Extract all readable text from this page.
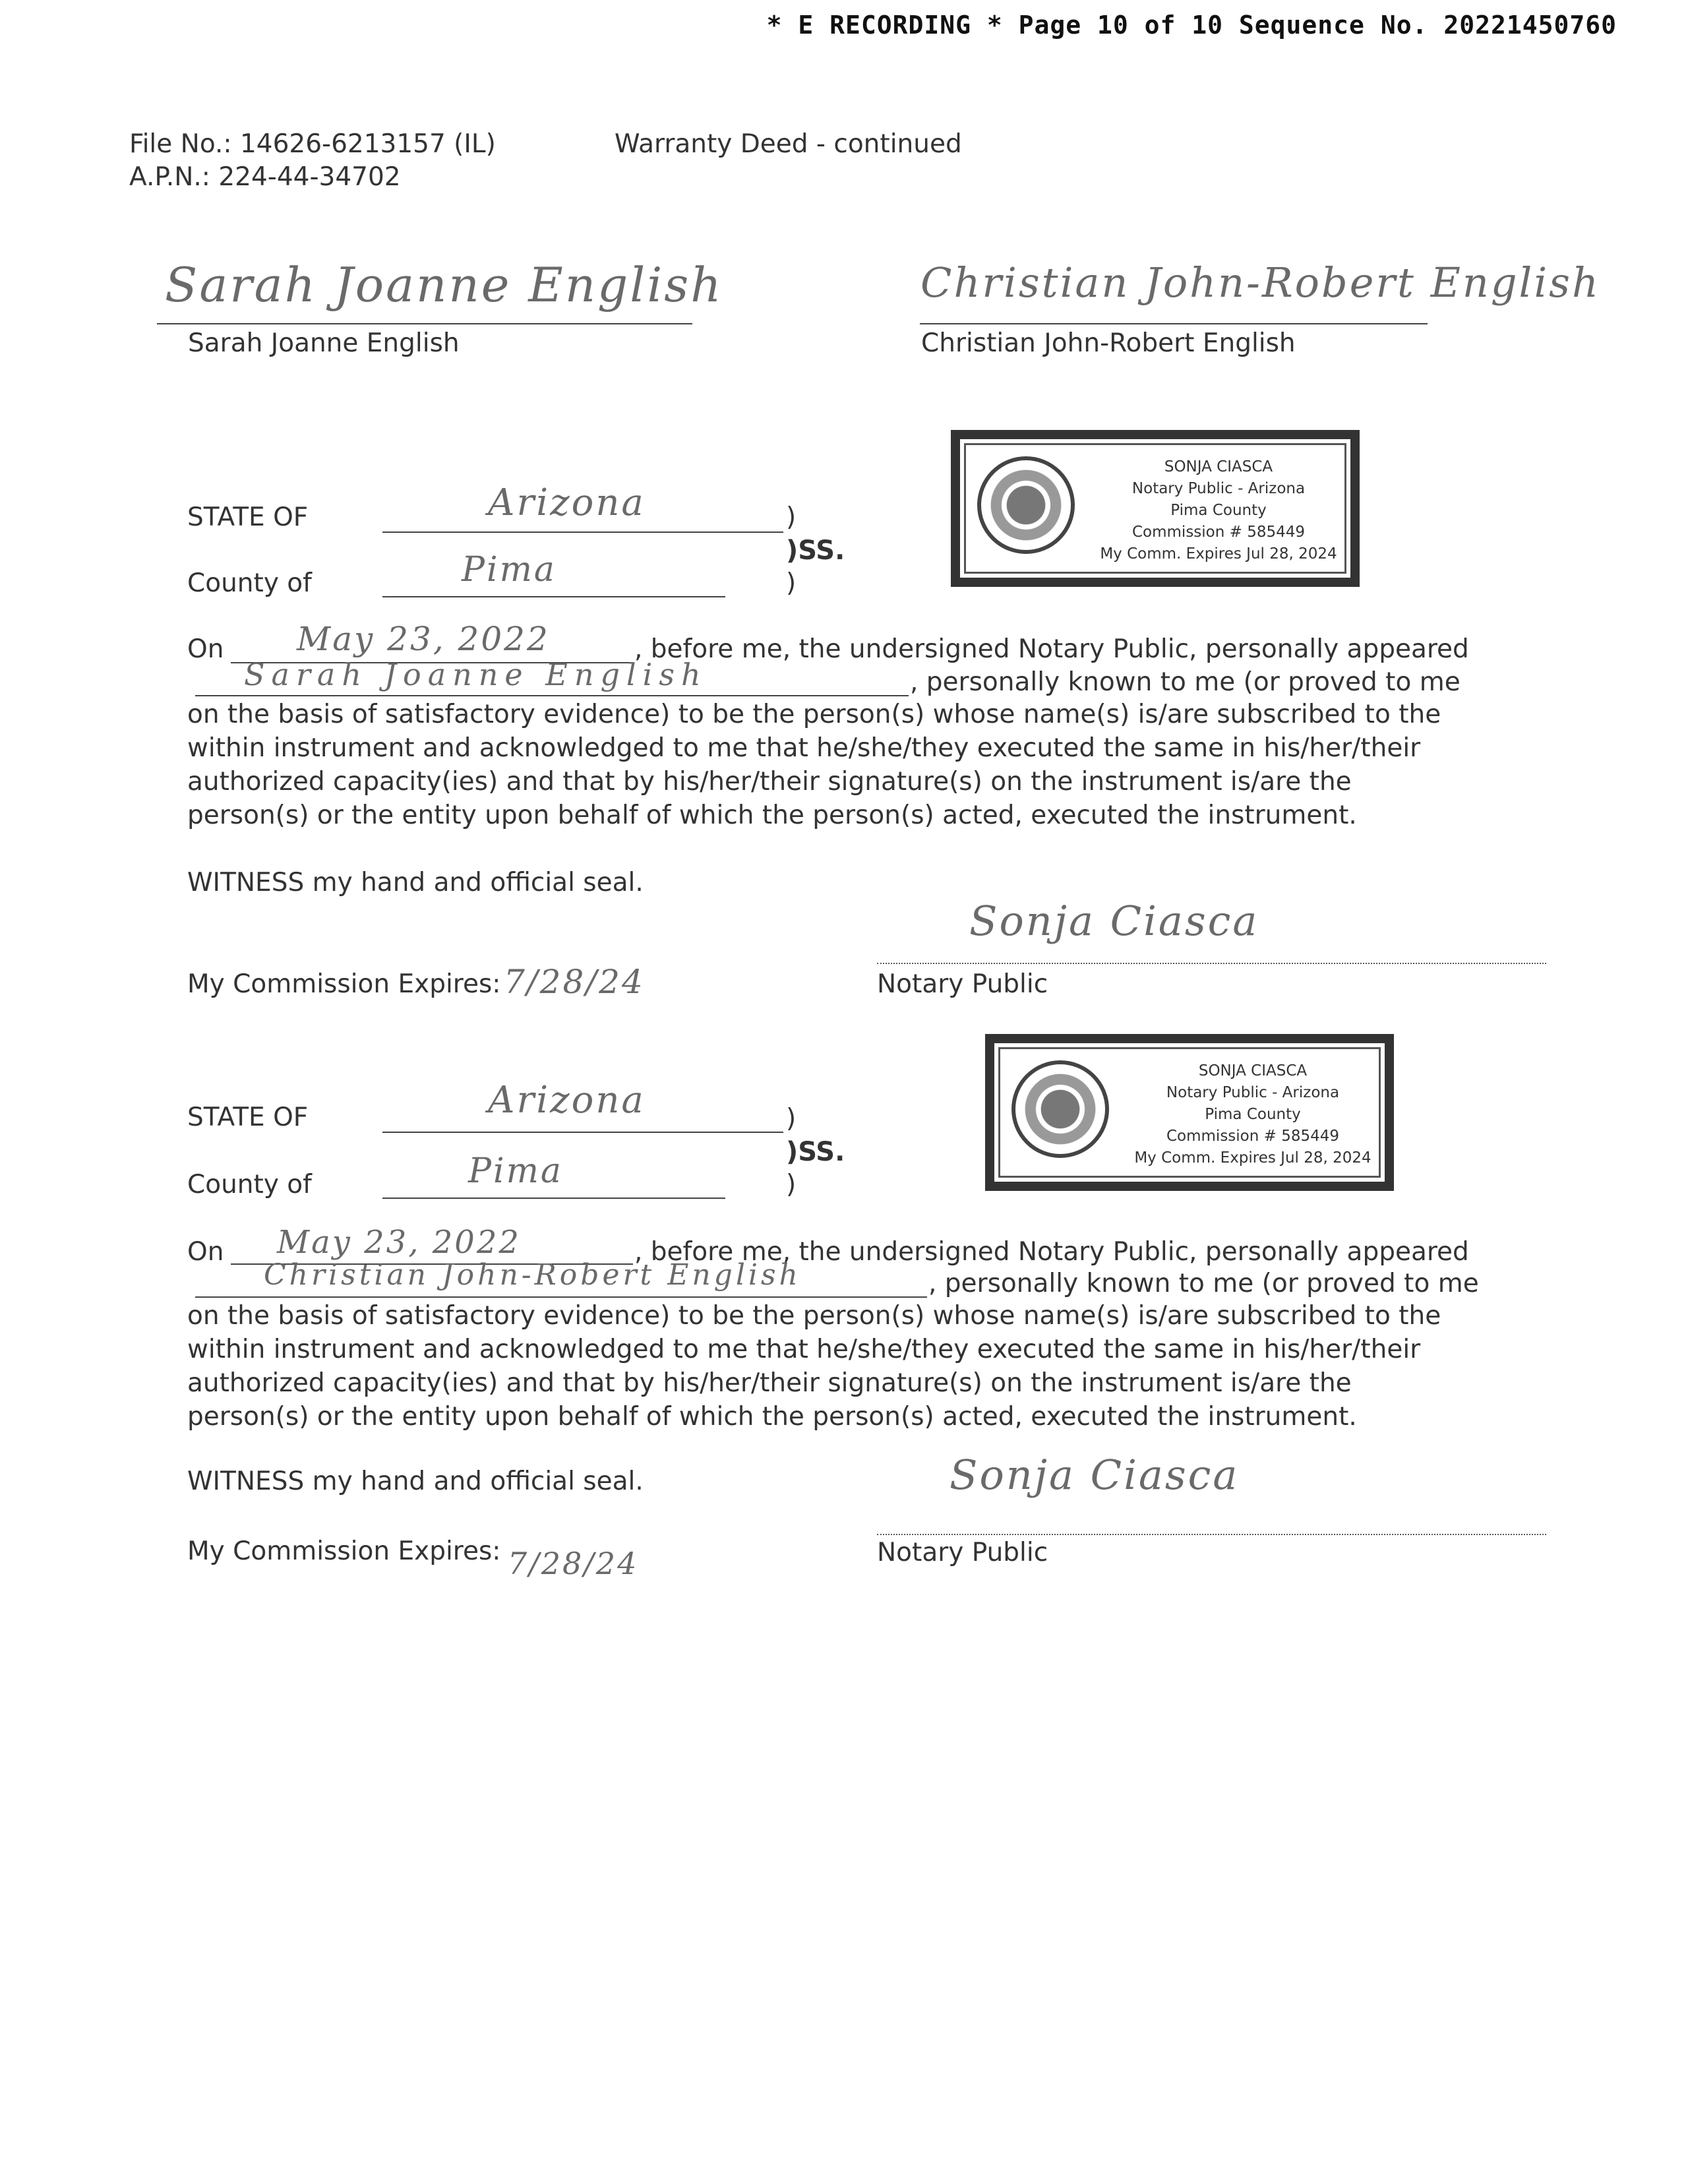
* E RECORDING * Page 10 of 10 Sequence No. 20221450760
File No.: 14626-6213157 (IL)
A.P.N.: 224-44-34702
Warranty Deed - continued
Sarah Joanne English
Sarah Joanne English
Christian John-Robert English
Christian John-Robert English
SONJA CIASCA
Notary Public - Arizona
Pima County
Commission # 585449
My Comm. Expires Jul 28, 2024
STATE OF	Arizona	)
)SS.
County of	Pima	)
On May 23, 2022	, before me, the undersigned Notary Public, personally appeared
Sarah Joanne English	, personally known to me (or proved to me
on the basis of satisfactory evidence) to be the person(s) whose name(s) is/are subscribed to the within instrument and acknowledged to me that he/she/they executed the same in his/her/their authorized capacity(ies) and that by his/her/their signature(s) on the instrument is/are the person(s) or the entity upon behalf of which the person(s) acted, executed the instrument.
WITNESS my hand and official seal.
Sonja Ciasca
Notary Public
My Commission Expires: 7/28/24
SONJA CIASCA
Notary Public - Arizona
Pima County
Commission # 585449
My Comm. Expires Jul 28, 2024
STATE OF	Arizona	)
)SS.
County of	Pima	)
On May 23, 2022	, before me, the undersigned Notary Public, personally appeared
Christian John-Robert English	, personally known to me (or proved to me
on the basis of satisfactory evidence) to be the person(s) whose name(s) is/are subscribed to the within instrument and acknowledged to me that he/she/they executed the same in his/her/their authorized capacity(ies) and that by his/her/their signature(s) on the instrument is/are the person(s) or the entity upon behalf of which the person(s) acted, executed the instrument.
WITNESS my hand and official seal.	Sonja Ciasca
Notary Public
My Commission Expires: 7/28/24
